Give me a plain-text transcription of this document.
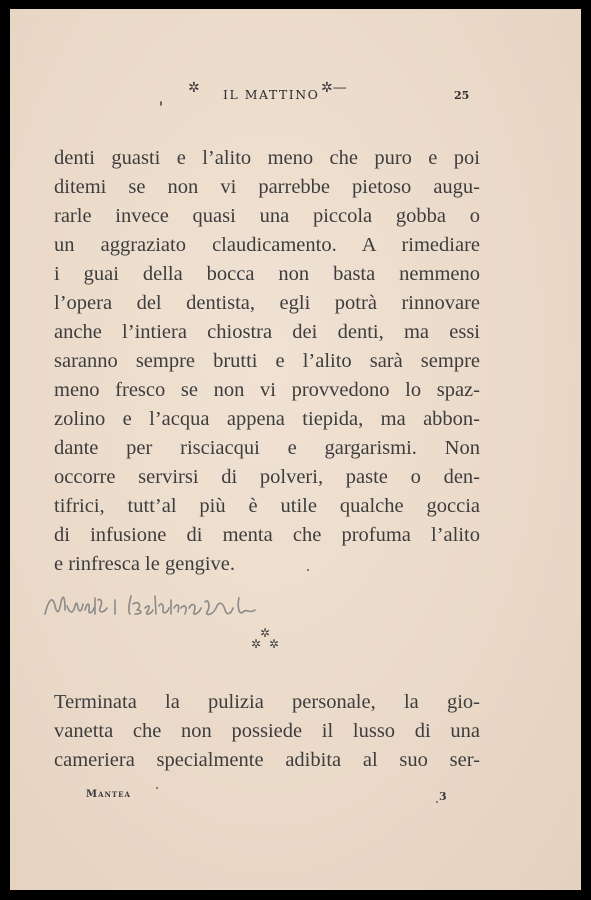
✲ IL MATTINO ✲—	25
denti guasti e l’alito meno che puro e poi
ditemi se non vi parrebbe pietoso augu-
rarle invece quasi una piccola gobba o
un aggraziato claudicamento. A rimediare
i guai della bocca non basta nemmeno
l’opera del dentista, egli potrà rinnovare
anche l’intiera chiostra dei denti, ma essi
saranno sempre brutti e l’alito sarà sempre
meno fresco se non vi provvedono lo spaz-
zolino e l’acqua appena tiepida, ma abbon-
dante per risciacqui e gargarismi. Non
occorre servirsi di polveri, paste o den-
tifrici, tutt’al più è utile qualche goccia
di infusione di menta che profuma l’alito
e rinfresca le gengive.
✲
✲ ✲
Terminata la pulizia personale, la gio-
vanetta che non possiede il lusso di una
cameriera specialmente adibita al suo ser-
Mantea	3
